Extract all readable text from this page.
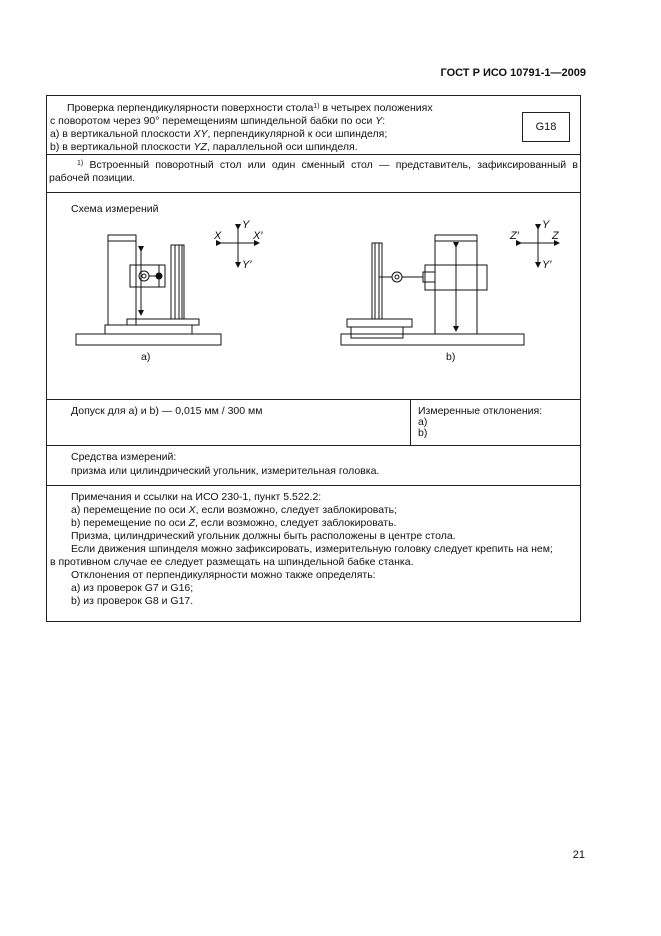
ГОСТ Р ИСО 10791-1—2009
Проверка перпендикулярности поверхности стола$^{1)}$ в четырех положениях
с поворотом через 90° перемещениям шпиндельной бабки по оси Y:
a) в вертикальной плоскости XY, перпендикулярной к оси шпинделя;
b) в вертикальной плоскости YZ, параллельной оси шпинделя.
G18
$^{1)}$ Встроенный поворотный стол или один сменный стол — представитель, зафиксированный в рабочей позиции.
Схема измерений
Y
Y′
X	X′
Y
Y′
Z′	Z
a)	b)
Допуск для a) и b) — 0,015 мм / 300 мм	Измеренные отклонения:
a)
b)
Средства измерений:
призма или цилиндрический угольник, измерительная головка.
Примечания и ссылки на ИСО 230-1, пункт 5.522.2:
a) перемещение по оси X, если возможно, следует заблокировать;
b) перемещение по оси Z, если возможно, следует заблокировать.
Призма, цилиндрический угольник должны быть расположены в центре стола.
Если движения шпинделя можно зафиксировать, измерительную головку следует крепить на нем;
в противном случае ее следует размещать на шпиндельной бабке станка.
Отклонения от перпендикулярности можно также определять:
a) из проверок G7 и G16;
b) из проверок G8 и G17.
21
